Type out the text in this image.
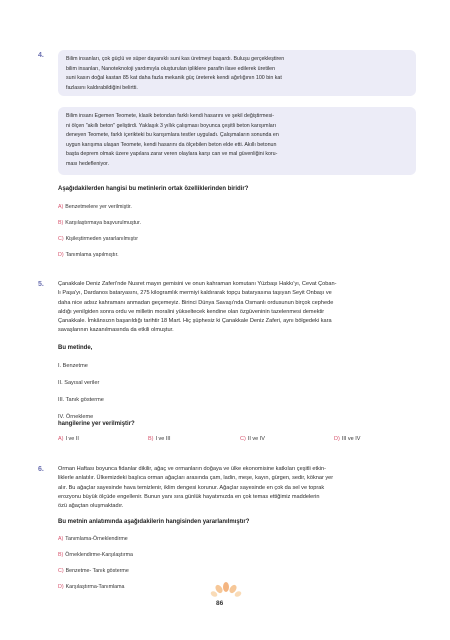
4.	Bilim insanları, çok güçlü ve süper dayanıklı suni kas üretmeyi başardı. Buluşu gerçekleştiren

bilim insanları, Nanoteknoloji yardımıyla oluşturulan ipliklere parafin ilave edilerek üretilen

suni kasın doğal kastan 85 kat daha fazla mekanik güç üreterek kendi ağırlığının 100 bin kat

fazlasını kaldırabildiğini belirtti.

Bilim insanı Egemen Teomete, klasik betondan farklı kendi hasarını ve şekil değiştirmesi-

ni ölçen "akıllı beton" geliştirdi. Yaklaşık 3 yıllık çalışması boyunca çeşitli beton karışımları

deneyen Teomete, farklı içerikteki bu karışımlara testler uyguladı. Çalışmaların sonunda en

uygun karışıma ulaşan Teomete, kendi hasarını da ölçebilen beton elde etti. Akıllı betonun

başta deprem olmak üzere yapılara zarar veren olaylara karşı can ve mal güvenliğini koru-

ması hedefleniyor.

Aşağıdakilerden hangisi bu metinlerin ortak özelliklerinden biridir?
A) Benzetmelere yer verilmiştir.
B) Karşılaştırmaya başvurulmuştur.
C) Kişileştirmeden yararlanılmıştır
D) Tanımlama yapılmıştır.
5.	Çanakkale Deniz Zaferi'nde Nusret mayın gemisini ve onun kahraman komutanı Yüzbaşı Hakkı'yı, Cevat Çoban-

lı Paşa'yı, Dardanos bataryasını, 275 kilogramlık mermiyi kaldırarak topçu bataryasına taşıyan Seyit Onbaşı ve

daha nice adsız kahramanı anmadan geçemeyiz. Birinci Dünya Savaşı'nda Osmanlı ordusunun birçok cephede

aldığı yenilgiden sonra ordu ve milletin moralini yükseltecek kendine olan özgüveninin tazelenmesi demektir

Çanakkale. İmkânsızın başarıldığı tarihtir 18 Mart. Hiç şüphesiz ki Çanakkale Deniz Zaferi, aynı bölgedeki kara

savaşlarının kazanılmasında da etkili olmuştur.

Bu metinde,
I. Benzetme
II. Sayısal veriler
III. Tanık gösterme
IV. Örnekleme
hangilerine yer verilmiştir?
A) I ve II	B) I ve III	C) II ve IV	D) III ve IV
6.	Orman Haftası boyunca fidanlar dikilir, ağaç ve ormanların doğaya ve ülke ekonomisine katkıları çeşitli etkin-

liklerle anlatılır. Ülkemizdeki başlıca orman ağaçları arasında çam, ladin, meşe, kayın, gürgen, sedir, köknar yer

alır. Bu ağaçlar sayesinde hava temizlenir, iklim dengesi korunur. Ağaçlar sayesinde en çok da sel ve toprak

erozyonu büyük ölçüde engellenir. Bunun yanı sıra günlük hayatımızda en çok temas ettiğimiz maddelerin

özü ağaçtan oluşmaktadır.

Bu metnin anlatımında aşağıdakilerin hangisinden yararlanılmıştır?
A) Tanımlama-Örneklendirme
B) Örneklendirme-Karşılaştırma
C) Benzetme- Tanık gösterme
D) Karşılaştırma-Tanımlama
86
